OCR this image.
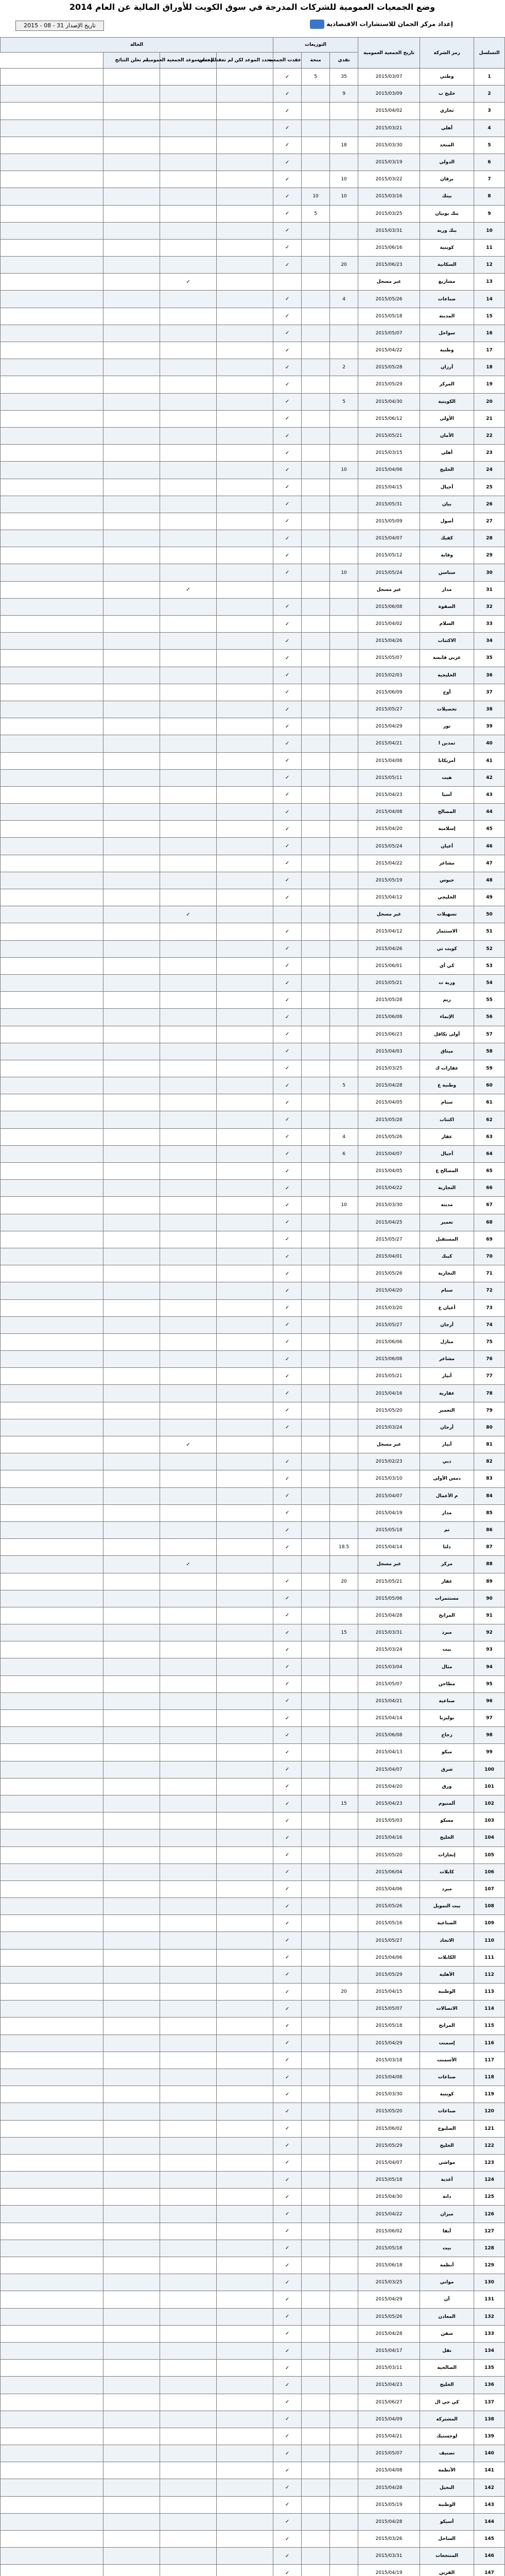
وضع الجمعيات العمومية للشركات المدرجة في سوق الكويت للأوراق المالية عن العام 2014
إعداد مركز الجمان للاستشارات الاقتصادية
تاريخ الإصدار 31 - 08 - 2015
التسلسل	رمز الشركة	تاريخ الجمعية العمومية	التوزيعات			الحالة			
			نقدي	منحة	عقدت الجمعية	محدد الموعد لكن لم تعقد الجمعية	لم تعلن موعد الجمعية العمومية	لم تعلن النتائج	
1	وطني	2015/03/07	35	5	✓				
2	خليج ب	2015/03/09	9		✓				
3	تجاري	2015/04/02			✓				
4	أهلي	2015/03/21			✓				
5	المتحد	2015/03/30	18		✓				
6	الدولي	2015/03/19			✓				
7	برقان	2015/03/22	10		✓				
8	بيتك	2015/03/16	10	10	✓				
9	بنك بوبيان	2015/03/25		5	✓				
10	بنك وربة	2015/03/31			✓				
11	كويتية	2015/06/16			✓				
12	السكانية	2015/06/23	20		✓				
13	مشاريع	غير مسجل					✓		
14	صناعات	2015/05/26	4		✓				
15	المدينة	2015/05/18			✓				
16	سواحل	2015/05/07			✓				
17	وطنية	2015/04/22			✓				
18	أرزان	2015/05/28	2		✓				
19	المركز	2015/05/29			✓				
20	الكويتية	2015/04/30	5		✓				
21	الأولى	2015/06/12			✓				
22	الأمان	2015/05/21			✓				
23	أهلي	2015/03/15			✓				
24	الخليج	2015/04/06	10		✓				
25	أجيال	2015/04/15			✓				
26	بيان	2015/05/31			✓				
27	أصول	2015/05/09			✓				
28	كفيك	2015/04/07			✓				
29	وقاية	2015/05/12			✓				
30	ستاسن	2015/05/24	10		✓				
31	مدار	غير مسجل					✓		
32	الصفوة	2015/06/08			✓				
33	السلام	2015/04/02			✓				
34	الاكتتاب	2015/04/26			✓				
35	عربي قابضة	2015/05/07			✓				
36	الخليجية	2015/02/03			✓				
37	أوج	2015/06/09			✓				
38	تحصيلات	2015/05/27			✓				
39	نور	2015/04/29			✓				
40	تمدين ا	2015/04/21			✓				
41	أمريكانا	2015/04/08			✓				
42	هيت	2015/05/11			✓				
43	آسيا	2015/04/23			✓				
44	المصالح	2015/04/08			✓				
45	إسلامية	2015/04/20			✓				
46	أعيان	2015/05/24			✓				
47	مشاعر	2015/04/22			✓				
48	جيوس	2015/05/19			✓				
49	الخليجي	2015/04/12			✓				
50	تسهيلات	غير مسجل					✓		
51	الاستثمار	2015/04/12			✓				
52	كويت تي	2015/04/26			✓				
53	كي أي	2015/06/01			✓				
54	وربة ت	2015/05/21			✓				
55	ريم	2015/05/28			✓				
56	الإنماء	2015/06/08			✓				
57	أولى تكافل	2015/06/23			✓				
58	ميثاق	2015/04/03			✓				
59	عقارات ك	2015/03/25			✓				
60	وطنية ع	2015/04/28	5		✓				
61	سنام	2015/04/05			✓				
62	اكتتاب	2015/05/28			✓				
63	عقار	2015/05/26	4		✓				
64	أجيال	2015/04/07	6		✓				
65	المصالح ع	2015/04/05			✓				
66	التجارية	2015/04/22			✓				
67	مدينة	2015/03/30	10		✓				
68	تعمير	2015/04/25			✓				
69	المستقبل	2015/05/27			✓				
70	كيبك	2015/04/01			✓				
71	التجارية	2015/05/26			✓				
72	سنام	2015/04/20			✓				
73	أعيان ع	2015/03/20			✓				
74	أرجان	2015/05/27			✓				
75	منازل	2015/06/06			✓				
76	مشاعر	2015/06/08			✓				
77	أبيار	2015/05/21			✓				
78	عقارية	2015/04/16			✓				
79	التعمير	2015/05/20			✓				
80	أرجان	2015/03/24			✓				
81	أبيار	غير مسجل					✓		
82	دبي	2015/02/23			✓				
83	دمس الأولى	2015/03/10			✓				
84	م الأعمال	2015/04/07			✓				
85	مدار	2015/04/19			✓				
86	تم	2015/05/18			✓				
87	دلتا	2015/04/14	18.5		✓				
88	مركز	غير مسجل					✓		
89	عقار	2015/05/21	20		✓				
90	مستثمرات	2015/05/06			✓				
91	المرابح	2015/04/28			✓				
92	مبرد	2015/03/31	15		✓				
93	بيت	2015/03/24			✓				
94	مثال	2015/03/04			✓				
95	مطاحن	2015/05/07			✓				
96	صناعية	2015/04/21			✓				
97	بوليزنا	2015/04/14			✓				
98	زجاج	2015/06/08			✓				
99	مبكو	2015/04/13			✓				
100	شرق	2015/04/07			✓				
101	ورق	2015/04/20			✓				
102	ألمنيوم	2015/04/23	15		✓				
103	مسكو	2015/05/03			✓				
104	الخليج	2015/04/16			✓				
105	إنجازات	2015/05/20			✓				
106	كابلات	2015/06/04			✓				
107	مبرد	2015/04/06			✓				
108	بيت التمويل	2015/05/26			✓				
109	الصناعية	2015/05/16			✓				
110	الاتحاد	2015/05/27			✓				
111	الكابلات	2015/04/06			✓				
112	الأهلية	2015/05/29			✓				
113	الوطنية	2015/04/15	20		✓				
114	الاتصالات	2015/05/07			✓				
115	المرابح	2015/05/18			✓				
116	إسمنت	2015/04/29			✓				
117	الأسمنت	2015/03/18			✓				
118	صناعات	2015/04/08			✓				
119	كويتية	2015/03/30			✓				
120	صناعات	2015/05/20			✓				
121	الصلبوخ	2015/06/02			✓				
122	الخليج	2015/05/29			✓				
123	مواشي	2015/04/07			✓				
124	أغذية	2015/05/18			✓				
125	دانة	2015/04/30			✓				
126	ميزان	2015/04/22			✓				
127	أيفا	2015/06/02			✓				
128	بيت	2015/05/18			✓				
129	أنظمة	2015/06/18			✓				
130	مواني	2015/03/25			✓				
131	آن	2015/04/29			✓				
132	المعادن	2015/05/26			✓				
133	سفن	2015/04/28			✓				
134	نقل	2015/04/17			✓				
135	الصالحية	2015/03/11			✓				
136	الخليج	2015/04/23			✓				
137	كي جي ال	2015/06/27			✓				
138	المشتركة	2015/04/09			✓				
139	لوجستيك	2015/04/21			✓				
140	تصنيف	2015/05/07			✓				
141	الأنظمة	2015/04/08			✓				
142	النخيل	2015/04/28			✓				
143	الوطنية	2015/05/19			✓				
144	أسيكو	2015/04/28			✓				
145	الساحل	2015/03/26			✓				
146	المنتجعات	2015/03/31			✓				
147	القرين	2015/04/19			✓				
